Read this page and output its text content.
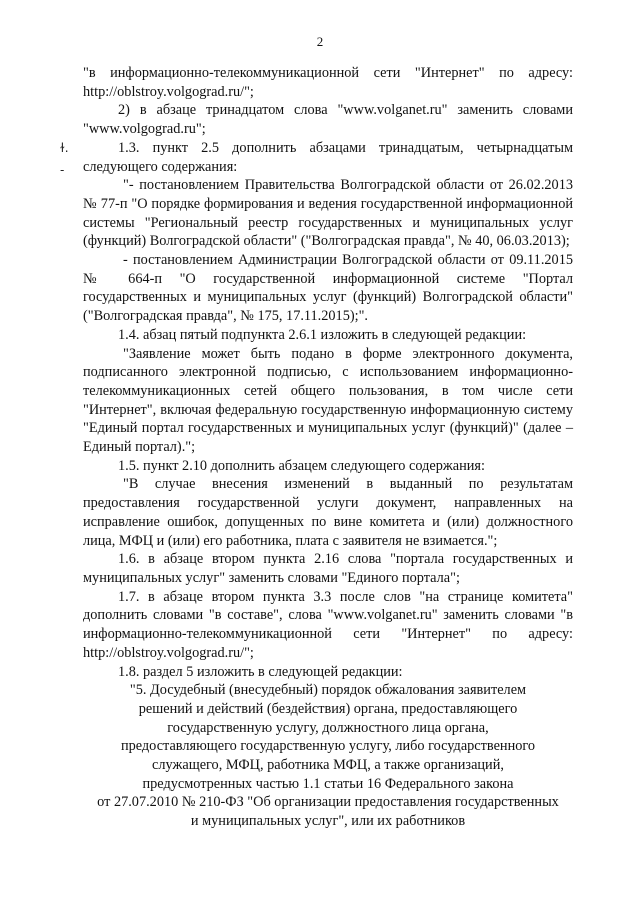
2
ɫ.
-

"в информационно-телекоммуникационной сети "Интернет" по адресу: http://oblstroy.volgograd.ru/";

2) в абзаце тринадцатом слова "www.volganet.ru" заменить словами "www.volgograd.ru";

1.3. пункт 2.5 дополнить абзацами тринадцатым, четырнадцатым следующего содержания:

"- постановлением Правительства Волгоградской области от 26.02.2013 № 77-п "О порядке формирования и ведения государственной информационной системы "Региональный реестр государственных и муниципальных услуг (функций) Волгоградской области" ("Волгоградская правда", № 40, 06.03.2013);

- постановлением Администрации Волгоградской области от 09.11.2015 № 664-п "О государственной информационной системе "Портал государственных и муниципальных услуг (функций) Волгоградской области" ("Волгоградская правда", № 175, 17.11.2015);".

1.4. абзац пятый подпункта 2.6.1 изложить в следующей редакции:

"Заявление может быть подано в форме электронного документа, подписанного электронной подписью, с использованием информационно-телекоммуникационных сетей общего пользования, в том числе сети "Интернет", включая федеральную государственную информационную систему "Единый портал государственных и муниципальных услуг (функций)" (далее – Единый портал).";

1.5. пункт 2.10 дополнить абзацем следующего содержания:

"В случае внесения изменений в выданный по результатам предоставления государственной услуги документ, направленных на исправление ошибок, допущенных по вине комитета и (или) должностного лица, МФЦ и (или) его работника, плата с заявителя не взимается.";

1.6. в абзаце втором пункта 2.16 слова "портала государственных и муниципальных услуг" заменить словами "Единого портала";

1.7. в абзаце втором пункта 3.3 после слов "на странице комитета" дополнить словами "в составе", слова "www.volganet.ru" заменить словами "в информационно-телекоммуникационной сети "Интернет" по адресу: http://oblstroy.volgograd.ru/";

1.8. раздел 5 изложить в следующей редакции:

"5. Досудебный (внесудебный) порядок обжалования заявителем

решений и действий (бездействия) органа, предоставляющего

государственную услугу, должностного лица органа,

предоставляющего государственную услугу, либо государственного

служащего, МФЦ, работника МФЦ, а также организаций,

предусмотренных частью 1.1 статьи 16 Федерального закона

от 27.07.2010 № 210-ФЗ "Об организации предоставления государственных

и муниципальных услуг", или их работников
